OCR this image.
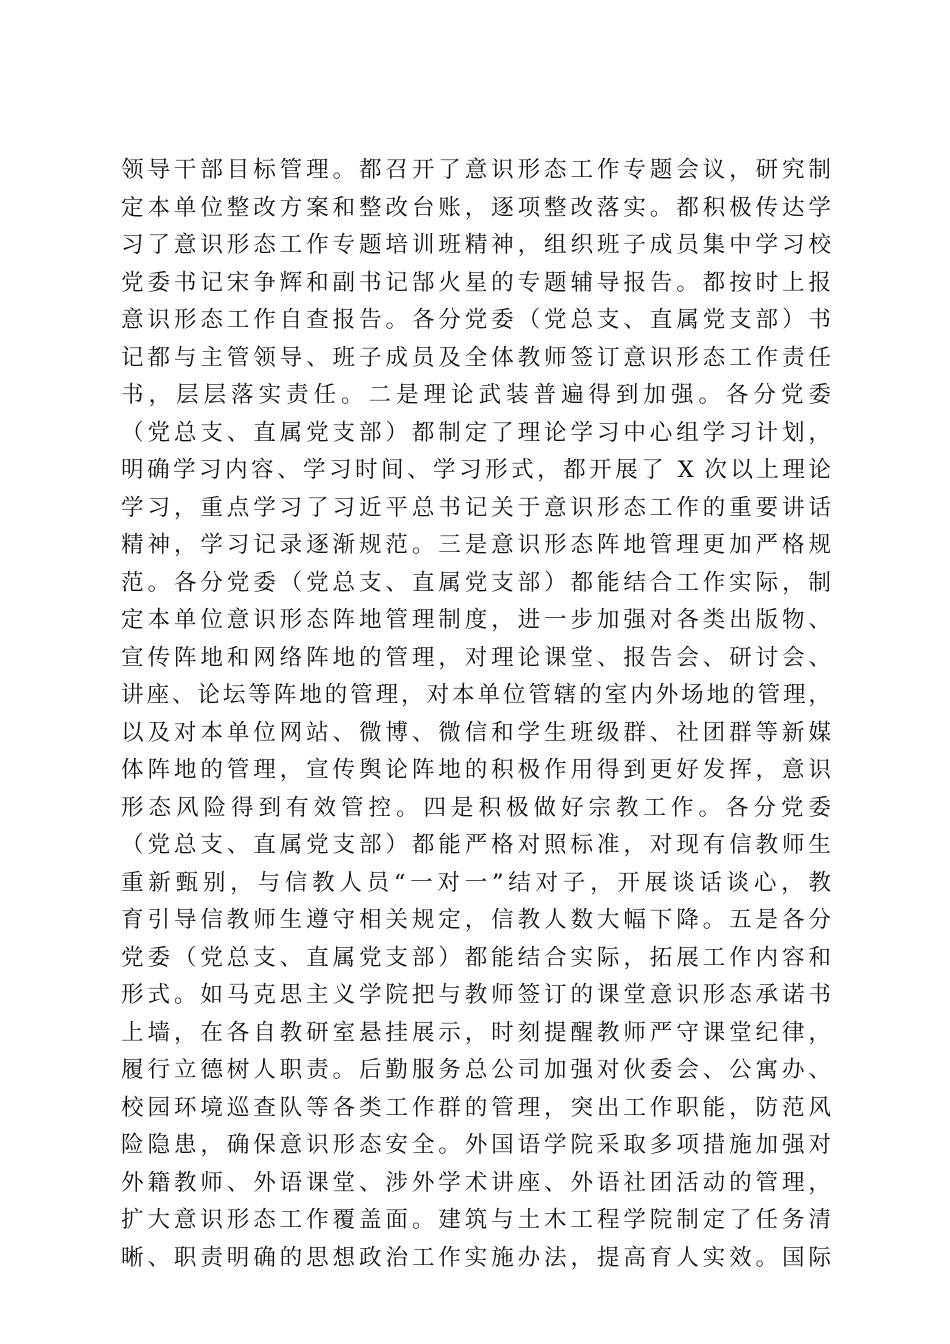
领导干部目标管理。都召开了意识形态工作专题会议，研究制
定本单位整改方案和整改台账，逐项整改落实。都积极传达学
习了意识形态工作专题培训班精神，组织班子成员集中学习校
党委书记宋争辉和副书记郜火星的专题辅导报告。都按时上报
意识形态工作自查报告。各分党委（党总支、直属党支部）书
记都与主管领导、班子成员及全体教师签订意识形态工作责任
书，层层落实责任。二是理论武装普遍得到加强。各分党委
（党总支、直属党支部）都制定了理论学习中心组学习计划，
明确学习内容、学习时间、学习形式，都开展了 X 次以上理论
学习，重点学习了习近平总书记关于意识形态工作的重要讲话
精神，学习记录逐渐规范。三是意识形态阵地管理更加严格规
范。各分党委（党总支、直属党支部）都能结合工作实际，制
定本单位意识形态阵地管理制度，进一步加强对各类出版物、
宣传阵地和网络阵地的管理，对理论课堂、报告会、研讨会、
讲座、论坛等阵地的管理，对本单位管辖的室内外场地的管理，
以及对本单位网站、微博、微信和学生班级群、社团群等新媒
体阵地的管理，宣传舆论阵地的积极作用得到更好发挥，意识
形态风险得到有效管控。四是积极做好宗教工作。各分党委
（党总支、直属党支部）都能严格对照标准，对现有信教师生
重新甄别，与信教人员“一对一”结对子，开展谈话谈心，教
育引导信教师生遵守相关规定，信教人数大幅下降。五是各分
党委（党总支、直属党支部）都能结合实际，拓展工作内容和
形式。如马克思主义学院把与教师签订的课堂意识形态承诺书
上墙，在各自教研室悬挂展示，时刻提醒教师严守课堂纪律，
履行立德树人职责。后勤服务总公司加强对伙委会、公寓办、
校园环境巡查队等各类工作群的管理，突出工作职能，防范风
险隐患，确保意识形态安全。外国语学院采取多项措施加强对
外籍教师、外语课堂、涉外学术讲座、外语社团活动的管理，
扩大意识形态工作覆盖面。建筑与土木工程学院制定了任务清
晰、职责明确的思想政治工作实施办法，提高育人实效。国际
